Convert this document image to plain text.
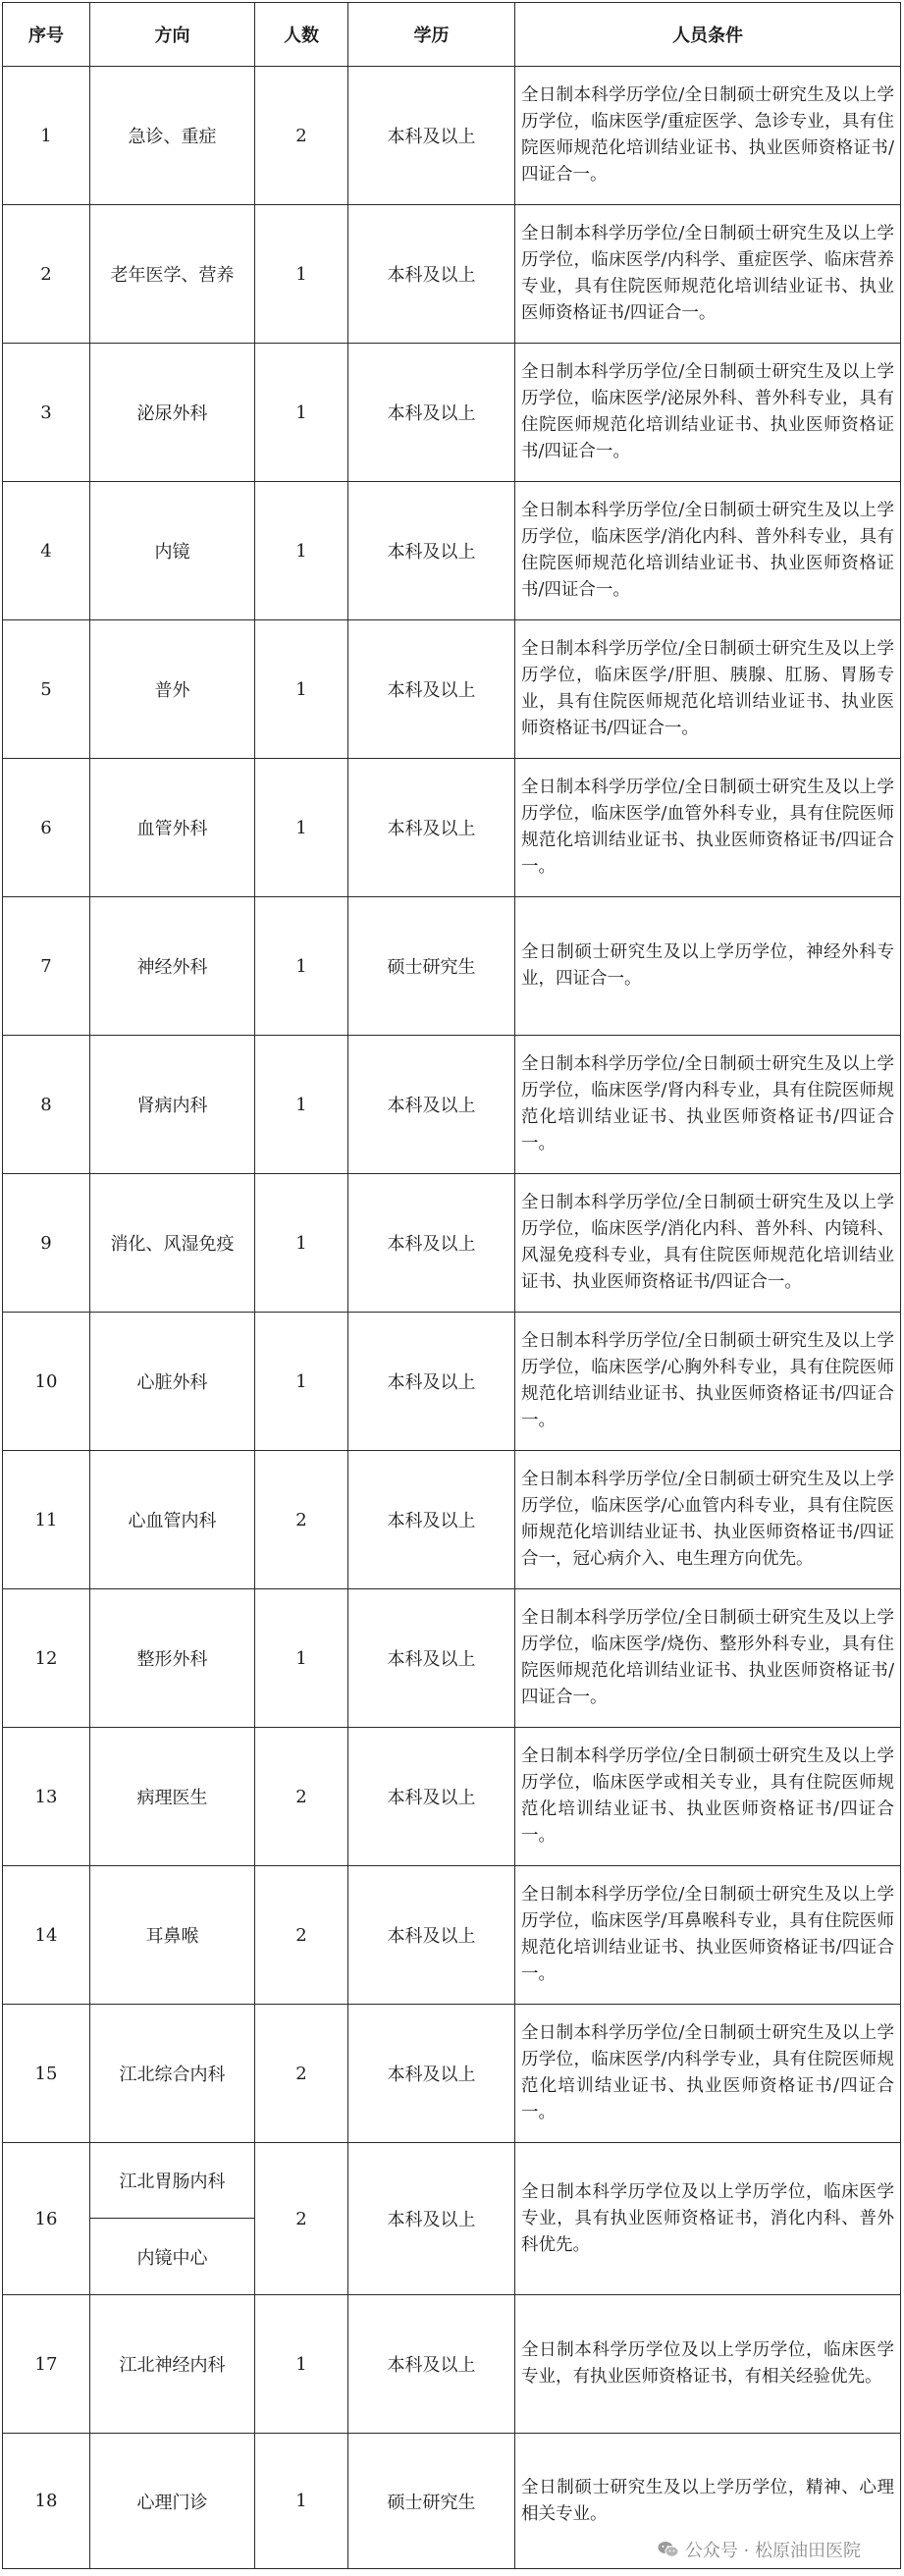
序号	方向	人数	学历	人员条件
1	急诊、重症	2	本科及以上	全日制本科学历学位/全日制硕士研究生及以上学历学位，临床医学/重症医学、急诊专业，具有住院医师规范化培训结业证书、执业医师资格证书/四证合一。
2	老年医学、营养	1	本科及以上	全日制本科学历学位/全日制硕士研究生及以上学历学位，临床医学/内科学、重症医学、临床营养专业，具有住院医师规范化培训结业证书、执业医师资格证书/四证合一。
3	泌尿外科	1	本科及以上	全日制本科学历学位/全日制硕士研究生及以上学历学位，临床医学/泌尿外科、普外科专业，具有住院医师规范化培训结业证书、执业医师资格证书/四证合一。
4	内镜	1	本科及以上	全日制本科学历学位/全日制硕士研究生及以上学历学位，临床医学/消化内科、普外科专业，具有住院医师规范化培训结业证书、执业医师资格证书/四证合一。
5	普外	1	本科及以上	全日制本科学历学位/全日制硕士研究生及以上学历学位，临床医学/肝胆、胰腺、肛肠、胃肠专业，具有住院医师规范化培训结业证书、执业医师资格证书/四证合一。
6	血管外科	1	本科及以上	全日制本科学历学位/全日制硕士研究生及以上学历学位，临床医学/血管外科专业，具有住院医师规范化培训结业证书、执业医师资格证书/四证合一。
7	神经外科	1	硕士研究生	全日制硕士研究生及以上学历学位，神经外科专业，四证合一。
8	肾病内科	1	本科及以上	全日制本科学历学位/全日制硕士研究生及以上学历学位，临床医学/肾内科专业，具有住院医师规范化培训结业证书、执业医师资格证书/四证合一。
9	消化、风湿免疫	1	本科及以上	全日制本科学历学位/全日制硕士研究生及以上学历学位，临床医学/消化内科、普外科、内镜科、风湿免疫科专业，具有住院医师规范化培训结业证书、执业医师资格证书/四证合一。
10	心脏外科	1	本科及以上	全日制本科学历学位/全日制硕士研究生及以上学历学位，临床医学/心胸外科专业，具有住院医师规范化培训结业证书、执业医师资格证书/四证合一。
11	心血管内科	2	本科及以上	全日制本科学历学位/全日制硕士研究生及以上学历学位，临床医学/心血管内科专业，具有住院医师规范化培训结业证书、执业医师资格证书/四证合一，冠心病介入、电生理方向优先。
12	整形外科	1	本科及以上	全日制本科学历学位/全日制硕士研究生及以上学历学位，临床医学/烧伤、整形外科专业，具有住院医师规范化培训结业证书、执业医师资格证书/四证合一。
13	病理医生	2	本科及以上	全日制本科学历学位/全日制硕士研究生及以上学历学位，临床医学或相关专业，具有住院医师规范化培训结业证书、执业医师资格证书/四证合一。
14	耳鼻喉	2	本科及以上	全日制本科学历学位/全日制硕士研究生及以上学历学位，临床医学/耳鼻喉科专业，具有住院医师规范化培训结业证书、执业医师资格证书/四证合一。
15	江北综合内科	2	本科及以上	全日制本科学历学位/全日制硕士研究生及以上学历学位，临床医学/内科学专业，具有住院医师规范化培训结业证书、执业医师资格证书/四证合一。
16	江北胃肠内科	2	本科及以上	全日制本科学历学位及以上学历学位，临床医学专业，具有执业医师资格证书，消化内科、普外科优先。
	内镜中心			
17	江北神经内科	1	本科及以上	全日制本科学历学位及以上学历学位，临床医学专业，有执业医师资格证书，有相关经验优先。
18	心理门诊	1	硕士研究生	全日制硕士研究生及以上学历学位，精神、心理相关专业。
公众号 · 松原油田医院
